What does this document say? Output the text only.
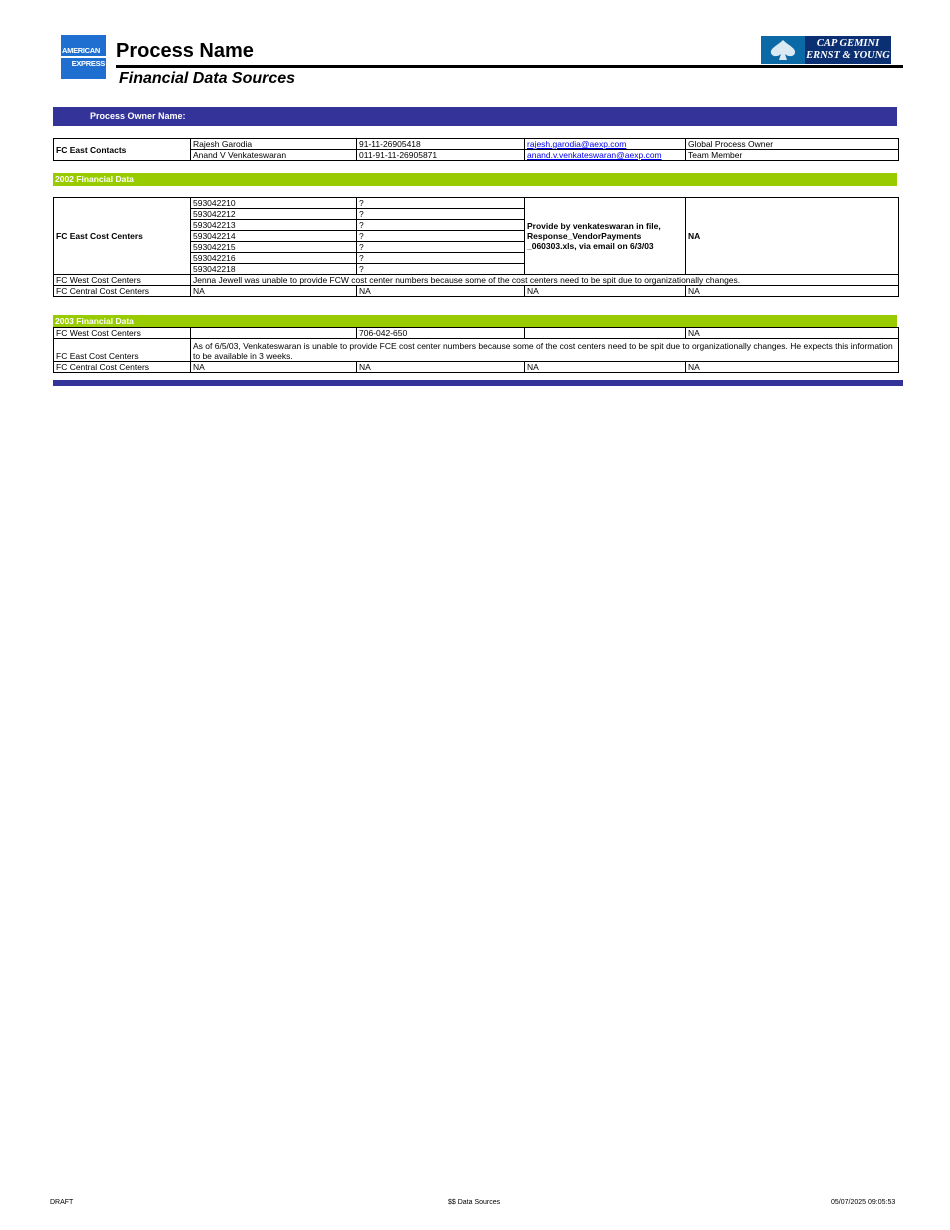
AMERICAN
EXPRESS
Process Name
Financial Data Sources
CAP GEMINI
ERNST & YOUNG
Process Owner Name:
FC East Contacts	Rajesh Garodia	91-11-26905418	rajesh.garodia@aexp.com	Global Process Owner
	Anand V Venkateswaran	011-91-11-26905871	anand.v.venkateswaran@aexp.com	Team Member
2002 Financial Data
FC East Cost Centers	593042210	?	Provide by venkateswaran in file, Response_VendorPayments _060303.xls, via email on 6/3/03	NA
	593042212	?		
	593042213	?		
	593042214	?		
	593042215	?		
	593042216	?		
	593042218	?		
FC West Cost Centers	Jenna Jewell was unable to provide FCW cost center numbers because some of the cost centers need to be spit due to organizationally changes.			
FC Central Cost Centers	NA	NA	NA	NA
2003 Financial Data
FC West Cost Centers		706-042-650		NA
FC East Cost Centers	As of 6/5/03, Venkateswaran is unable to provide FCE cost center numbers because some of the cost centers need to be spit due to organizationally changes. He expects this information to be available in 3 weeks.			
FC Central Cost Centers	NA	NA	NA	NA
DRAFT	$$ Data Sources	05/07/2025 09:05:53
